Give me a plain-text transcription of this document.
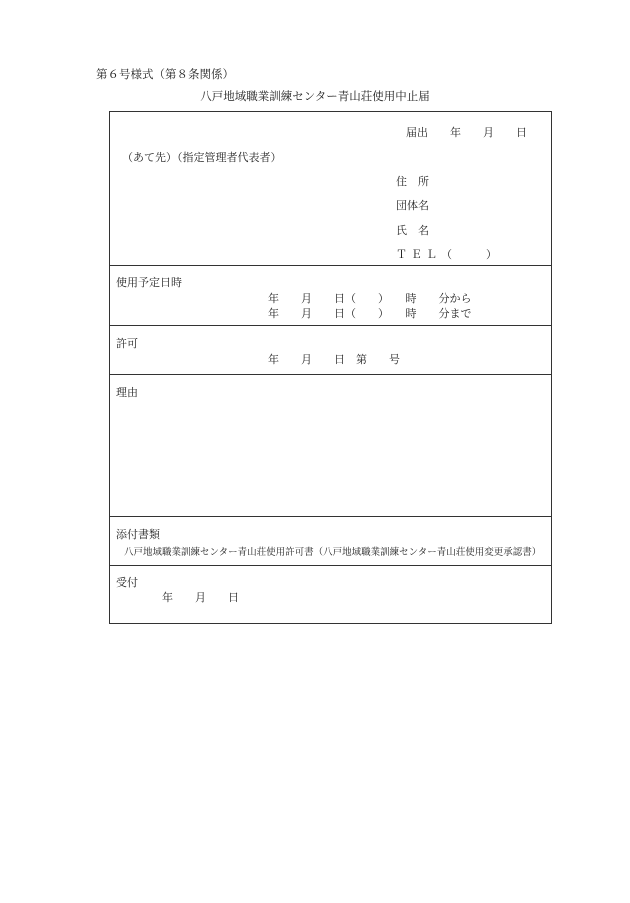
第６号様式（第８条関係）
八戸地域職業訓練センター青山荘使用中止届
届出　　年　　月　　日
（あて先）（指定管理者代表者）
住　所
団体名
氏　名
ＴＥＬ（　　）
使用予定日時
年　　月　　日（　　）　　時　　分から
年　　月　　日（　　）　　時　　分まで
許可
年　　月　　日　第　　号
理由
添付書類
八戸地域職業訓練センター青山荘使用許可書（八戸地域職業訓練センター青山荘使用変更承認書）
受付
年　　月　　日
